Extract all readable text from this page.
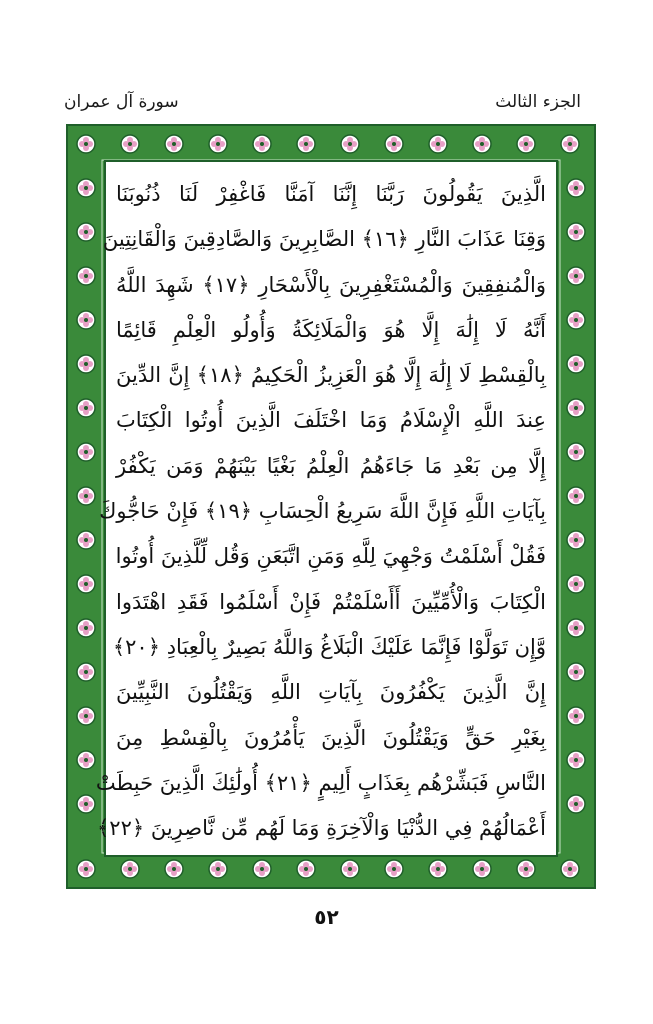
الجزء الثالث
سورة آل عمران
الَّذِينَ يَقُولُونَ رَبَّنَا إِنَّنَا آمَنَّا فَاغْفِرْ لَنَا ذُنُوبَنَا
وَقِنَا عَذَابَ النَّارِ ﴿١٦﴾ الصَّابِرِينَ وَالصَّادِقِينَ وَالْقَانِتِينَ
وَالْمُنفِقِينَ وَالْمُسْتَغْفِرِينَ بِالْأَسْحَارِ ﴿١٧﴾ شَهِدَ اللَّهُ
أَنَّهُ لَا إِلَٰهَ إِلَّا هُوَ وَالْمَلَائِكَةُ وَأُولُو الْعِلْمِ قَائِمًا
بِالْقِسْطِ لَا إِلَٰهَ إِلَّا هُوَ الْعَزِيزُ الْحَكِيمُ ﴿١٨﴾ إِنَّ الدِّينَ
عِندَ اللَّهِ الْإِسْلَامُ وَمَا اخْتَلَفَ الَّذِينَ أُوتُوا الْكِتَابَ
إِلَّا مِن بَعْدِ مَا جَاءَهُمُ الْعِلْمُ بَغْيًا بَيْنَهُمْ وَمَن يَكْفُرْ
بِآيَاتِ اللَّهِ فَإِنَّ اللَّهَ سَرِيعُ الْحِسَابِ ﴿١٩﴾ فَإِنْ حَاجُّوكَ
فَقُلْ أَسْلَمْتُ وَجْهِيَ لِلَّهِ وَمَنِ اتَّبَعَنِ وَقُل لِّلَّذِينَ أُوتُوا
الْكِتَابَ وَالْأُمِّيِّينَ أَأَسْلَمْتُمْ فَإِنْ أَسْلَمُوا فَقَدِ اهْتَدَوا
وَّإِن تَوَلَّوْا فَإِنَّمَا عَلَيْكَ الْبَلَاغُ وَاللَّهُ بَصِيرٌ بِالْعِبَادِ ﴿٢٠﴾
إِنَّ الَّذِينَ يَكْفُرُونَ بِآيَاتِ اللَّهِ وَيَقْتُلُونَ النَّبِيِّينَ
بِغَيْرِ حَقٍّ وَيَقْتُلُونَ الَّذِينَ يَأْمُرُونَ بِالْقِسْطِ مِنَ
النَّاسِ فَبَشِّرْهُم بِعَذَابٍ أَلِيمٍ ﴿٢١﴾ أُولَٰئِكَ الَّذِينَ حَبِطَتْ
أَعْمَالُهُمْ فِي الدُّنْيَا وَالْآخِرَةِ وَمَا لَهُم مِّن نَّاصِرِينَ ﴿٢٢﴾
٥٢
